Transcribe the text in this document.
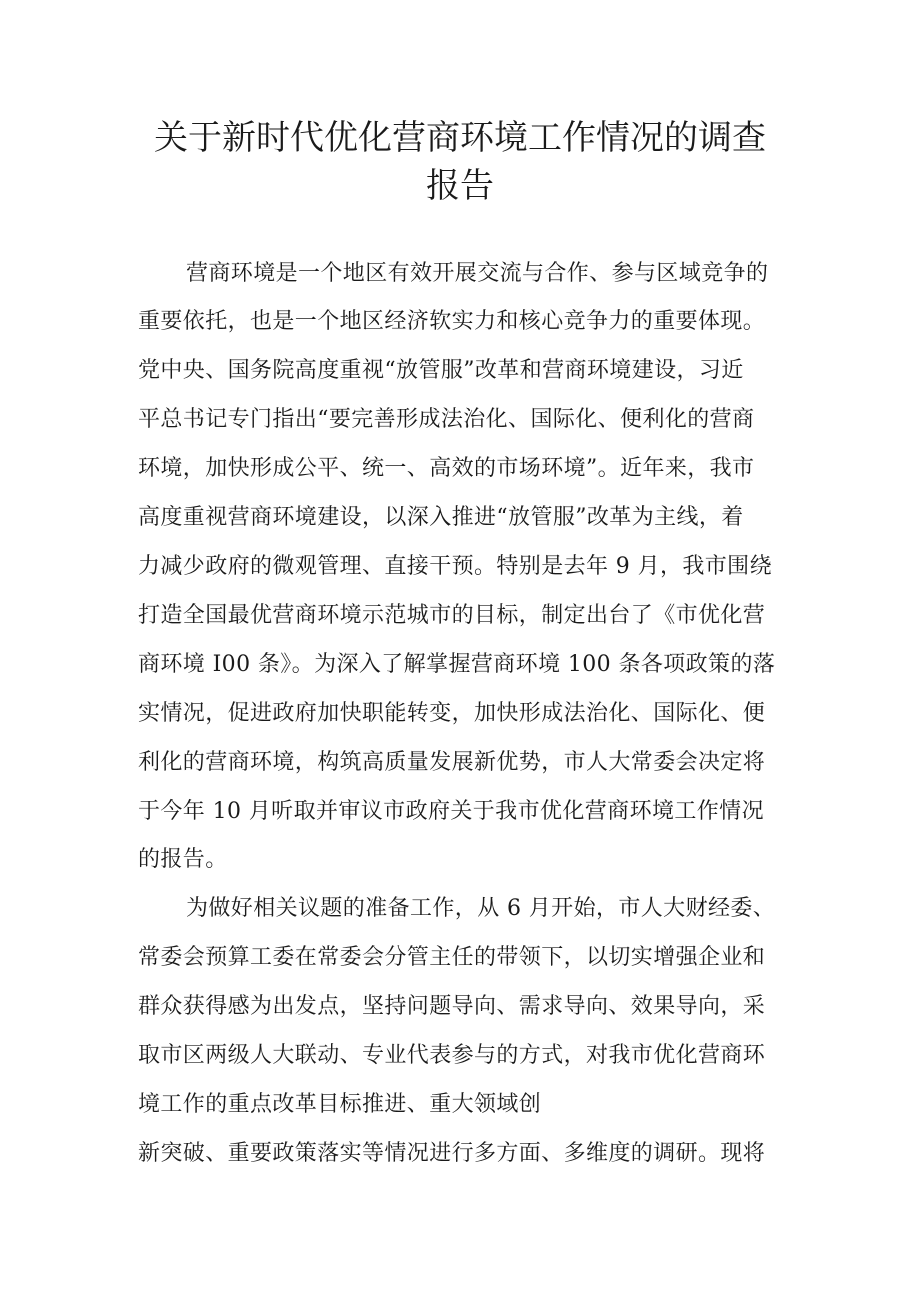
关于新时代优化营商环境工作情况的调查
报告
营商环境是一个地区有效开展交流与合作、参与区域竞争的
重要依托，也是一个地区经济软实力和核心竞争力的重要体现。
党中央、国务院高度重视“放管服”改革和营商环境建设，习近
平总书记专门指出“要完善形成法治化、国际化、便利化的营商
环境，加快形成公平、统一、高效的市场环境”。近年来，我市
高度重视营商环境建设，以深入推进“放管服”改革为主线，着
力减少政府的微观管理、直接干预。特别是去年 9 月，我市围绕
打造全国最优营商环境示范城市的目标，制定出台了《市优化营
商环境 I00 条》。为深入了解掌握营商环境 100 条各项政策的落
实情况，促进政府加快职能转变，加快形成法治化、国际化、便
利化的营商环境，构筑高质量发展新优势，市人大常委会决定将
于今年 10 月听取并审议市政府关于我市优化营商环境工作情况
的报告。
为做好相关议题的准备工作，从 6 月开始，市人大财经委、
常委会预算工委在常委会分管主任的带领下，以切实增强企业和
群众获得感为出发点，坚持问题导向、需求导向、效果导向，采
取市区两级人大联动、专业代表参与的方式，对我市优化营商环
境工作的重点改革目标推进、重大领域创
新突破、重要政策落实等情况进行多方面、多维度的调研。现将
